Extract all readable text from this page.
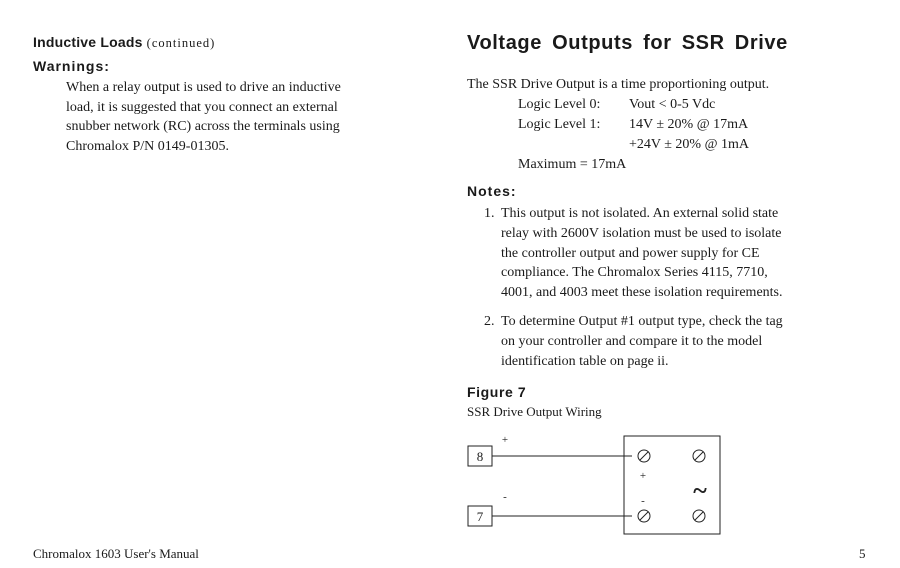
Inductive Loads (continued)
Warnings:
When a relay output is used to drive an inductive
load, it is suggested that you connect an external
snubber network (RC) across the terminals using
Chromalox P/N 0149-01305.
Voltage Outputs for SSR Drive
The SSR Drive Output is a time proportioning output.
Logic Level 0: Vout < 0-5 Vdc
Logic Level 1: 14V ± 20% @ 17mA
+24V ± 20% @ 1mA
Maximum = 17mA
Notes:
1. This output is not isolated. An external solid state
relay with 2600V isolation must be used to isolate
the controller output and power supply for CE
compliance. The Chromalox Series 4115, 7710,
4001, and 4003 meet these isolation requirements.
2. To determine Output #1 output type, check the tag
on your controller and compare it to the model
identification table on page ii.
Figure 7
SSR Drive Output Wiring
8
+
7
-
+
- ~
Chromalox 1603 User's Manual	5
